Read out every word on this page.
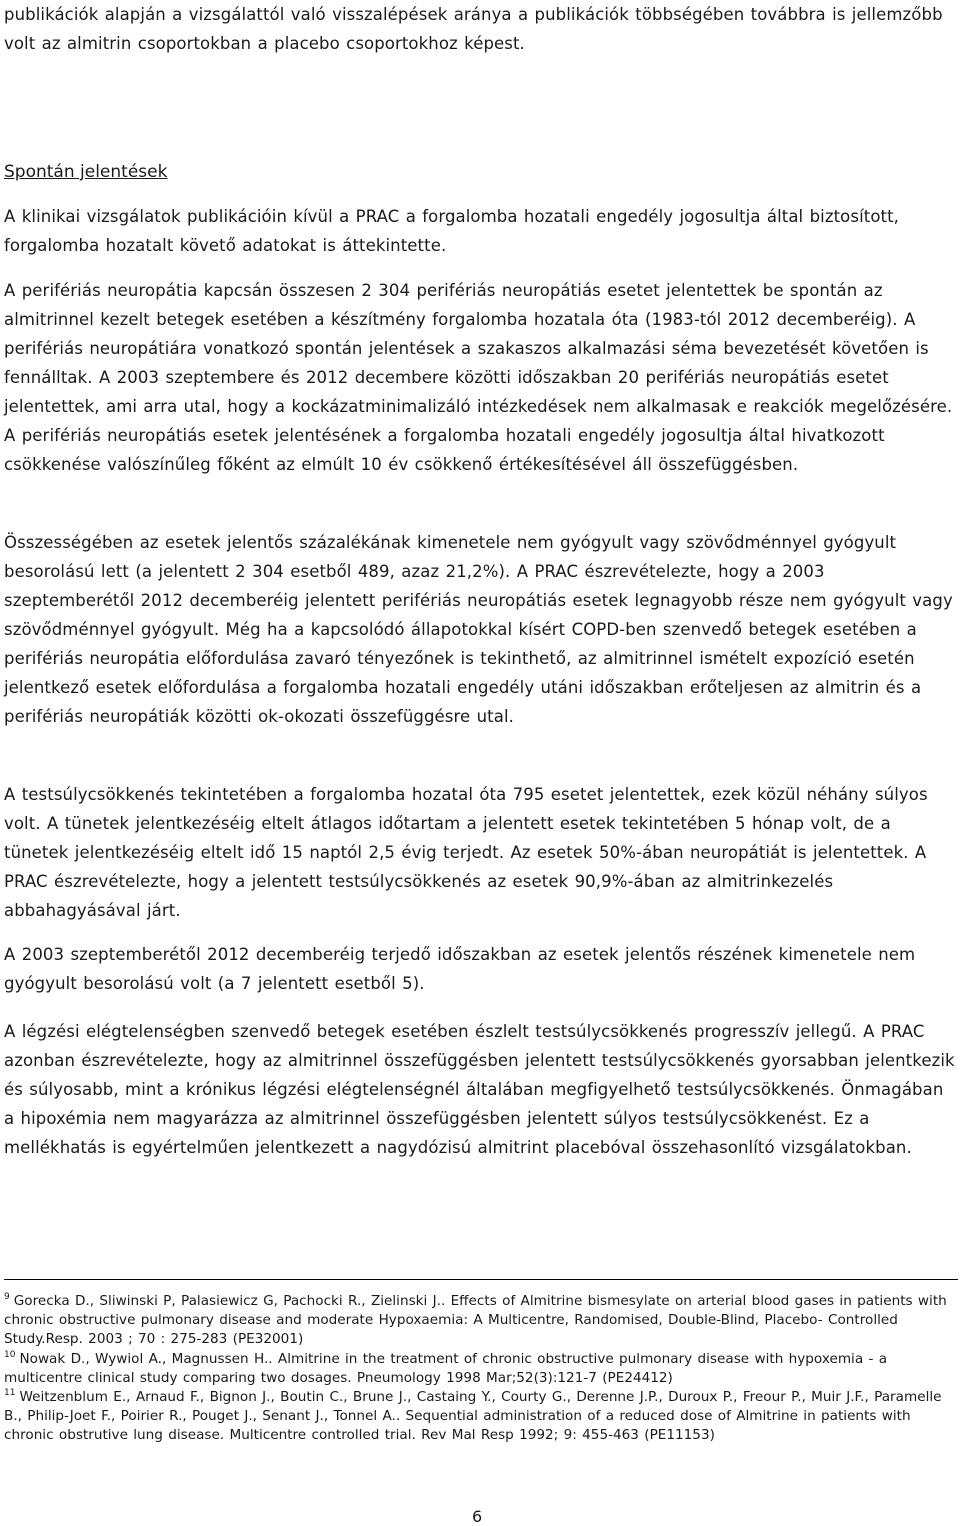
publikációk alapján a vizsgálattól való visszalépések aránya a publikációk többségében továbbra is jellemzőbb volt az almitrin csoportokban a placebo csoportokhoz képest.

Spontán jelentések

A klinikai vizsgálatok publikációin kívül a PRAC a forgalomba hozatali engedély jogosultja által biztosított, forgalomba hozatalt követő adatokat is áttekintette.

A perifériás neuropátia kapcsán összesen 2 304 perifériás neuropátiás esetet jelentettek be spontán az almitrinnel kezelt betegek esetében a készítmény forgalomba hozatala óta (1983-tól 2012 decemberéig). A perifériás neuropátiára vonatkozó spontán jelentések a szakaszos alkalmazási séma bevezetését követően is fennálltak. A 2003 szeptembere és 2012 decembere közötti időszakban 20 perifériás neuropátiás esetet jelentettek, ami arra utal, hogy a kockázatminimalizáló intézkedések nem alkalmasak e reakciók megelőzésére. A perifériás neuropátiás esetek jelentésének a forgalomba hozatali engedély jogosultja által hivatkozott csökkenése valószínűleg főként az elmúlt 10 év csökkenő értékesítésével áll összefüggésben.

Összességében az esetek jelentős százalékának kimenetele nem gyógyult vagy szövődménnyel gyógyult besorolású lett (a jelentett 2 304 esetből 489, azaz 21,2%). A PRAC észrevételezte, hogy a 2003 szeptemberétől 2012 decemberéig jelentett perifériás neuropátiás esetek legnagyobb része nem gyógyult vagy szövődménnyel gyógyult. Még ha a kapcsolódó állapotokkal kísért COPD-ben szenvedő betegek esetében a perifériás neuropátia előfordulása zavaró tényezőnek is tekinthető, az almitrinnel ismételt expozíció esetén jelentkező esetek előfordulása a forgalomba hozatali engedély utáni időszakban erőteljesen az almitrin és a perifériás neuropátiák közötti ok-okozati összefüggésre utal.

A testsúlycsökkenés tekintetében a forgalomba hozatal óta 795 esetet jelentettek, ezek közül néhány súlyos volt. A tünetek jelentkezéséig eltelt átlagos időtartam a jelentett esetek tekintetében 5 hónap volt, de a tünetek jelentkezéséig eltelt idő 15 naptól 2,5 évig terjedt. Az esetek 50%-ában neuropátiát is jelentettek. A PRAC észrevételezte, hogy a jelentett testsúlycsökkenés az esetek 90,9%-ában az almitrinkezelés abbahagyásával járt.

A 2003 szeptemberétől 2012 decemberéig terjedő időszakban az esetek jelentős részének kimenetele nem gyógyult besorolású volt (a 7 jelentett esetből 5).

A légzési elégtelenségben szenvedő betegek esetében észlelt testsúlycsökkenés progresszív jellegű. A PRAC azonban észrevételezte, hogy az almitrinnel összefüggésben jelentett testsúlycsökkenés gyorsabban jelentkezik és súlyosabb, mint a krónikus légzési elégtelenségnél általában megfigyelhető testsúlycsökkenés. Önmagában a hipoxémia nem magyarázza az almitrinnel összefüggésben jelentett súlyos testsúlycsökkenést. Ez a mellékhatás is egyértelműen jelentkezett a nagydózisú almitrint placebóval összehasonlító vizsgálatokban.

$^9$ Gorecka D., Sliwinski P, Palasiewicz G, Pachocki R., Zielinski J.. Effects of Almitrine bismesylate on arterial blood gases in patients with chronic obstructive pulmonary disease and moderate Hypoxaemia: A Multicentre, Randomised, Double-Blind, Placebo- Controlled Study.Resp. 2003 ; 70 : 275-283 (PE32001)

$^{10}$ Nowak D., Wywiol A., Magnussen H.. Almitrine in the treatment of chronic obstructive pulmonary disease with hypoxemia - a multicentre clinical study comparing two dosages. Pneumology 1998 Mar;52(3):121-7 (PE24412)

$^{11}$ Weitzenblum E., Arnaud F., Bignon J., Boutin C., Brune J., Castaing Y., Courty G., Derenne J.P., Duroux P., Freour P., Muir J.F., Paramelle B., Philip-Joet F., Poirier R., Pouget J., Senant J., Tonnel A.. Sequential administration of a reduced dose of Almitrine in patients with chronic obstrutive lung disease. Multicentre controlled trial. Rev Mal Resp 1992; 9: 455-463 (PE11153)

6
